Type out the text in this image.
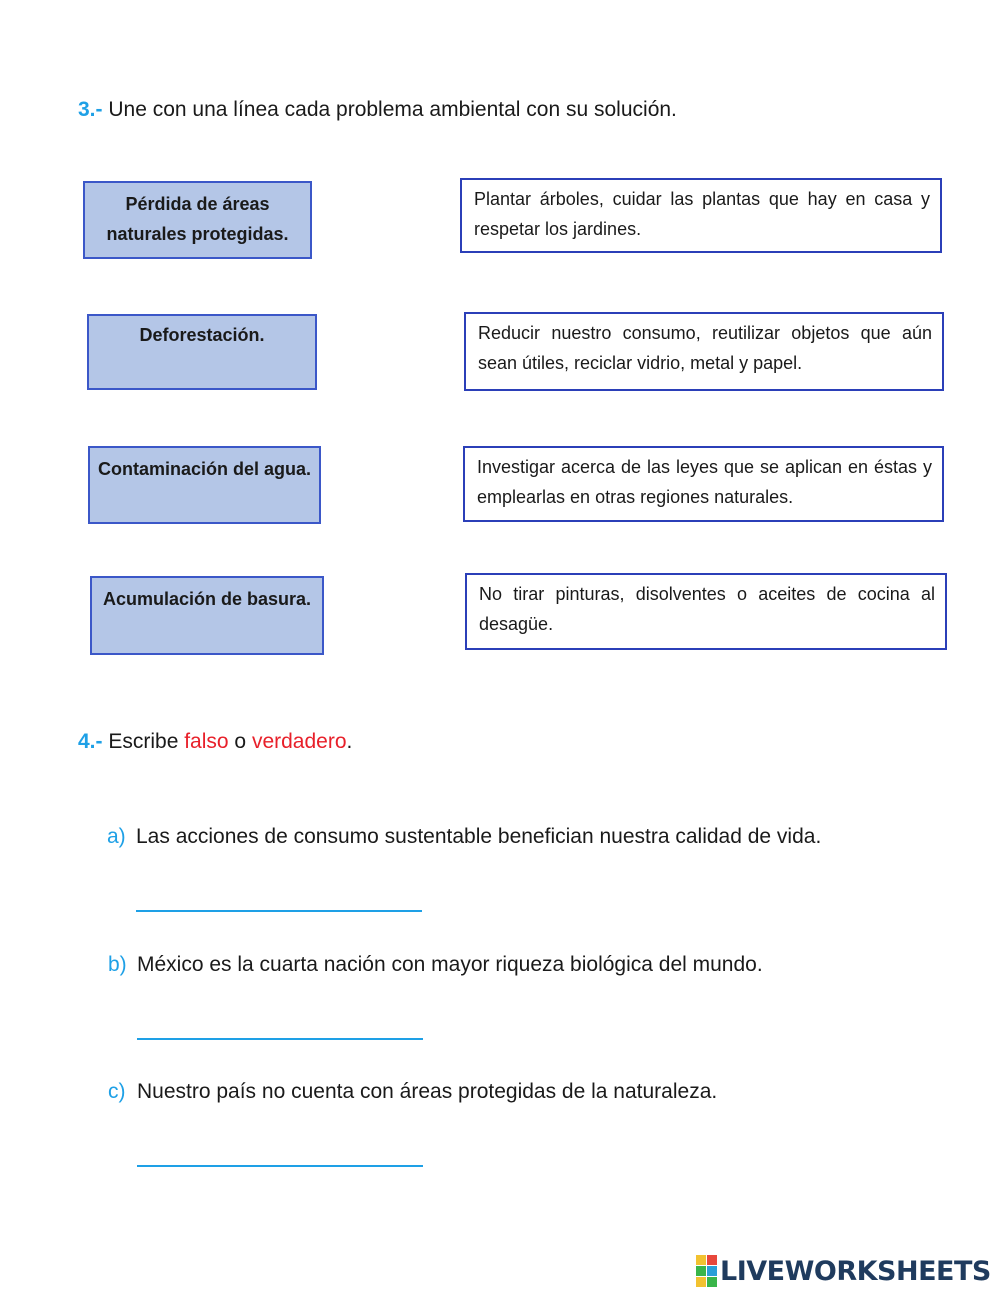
3.- Une con una línea cada problema ambiental con su solución.
Pérdida de áreas naturales protegidas.
Deforestación.
Contaminación del agua.
Acumulación de basura.
Plantar árboles, cuidar las plantas que hay en casa y respetar los jardines.
Reducir nuestro consumo, reutilizar objetos que aún sean útiles, reciclar vidrio, metal y papel.
Investigar acerca de las leyes que se aplican en éstas y emplearlas en otras regiones naturales.
No tirar pinturas, disolventes o aceites de cocina al desagüe.
4.- Escribe falso o verdadero.
a) Las acciones de consumo sustentable benefician nuestra calidad de vida.
b) México es la cuarta nación con mayor riqueza biológica del mundo.
c) Nuestro país no cuenta con áreas protegidas de la naturaleza.
LIVEWORKSHEETS
